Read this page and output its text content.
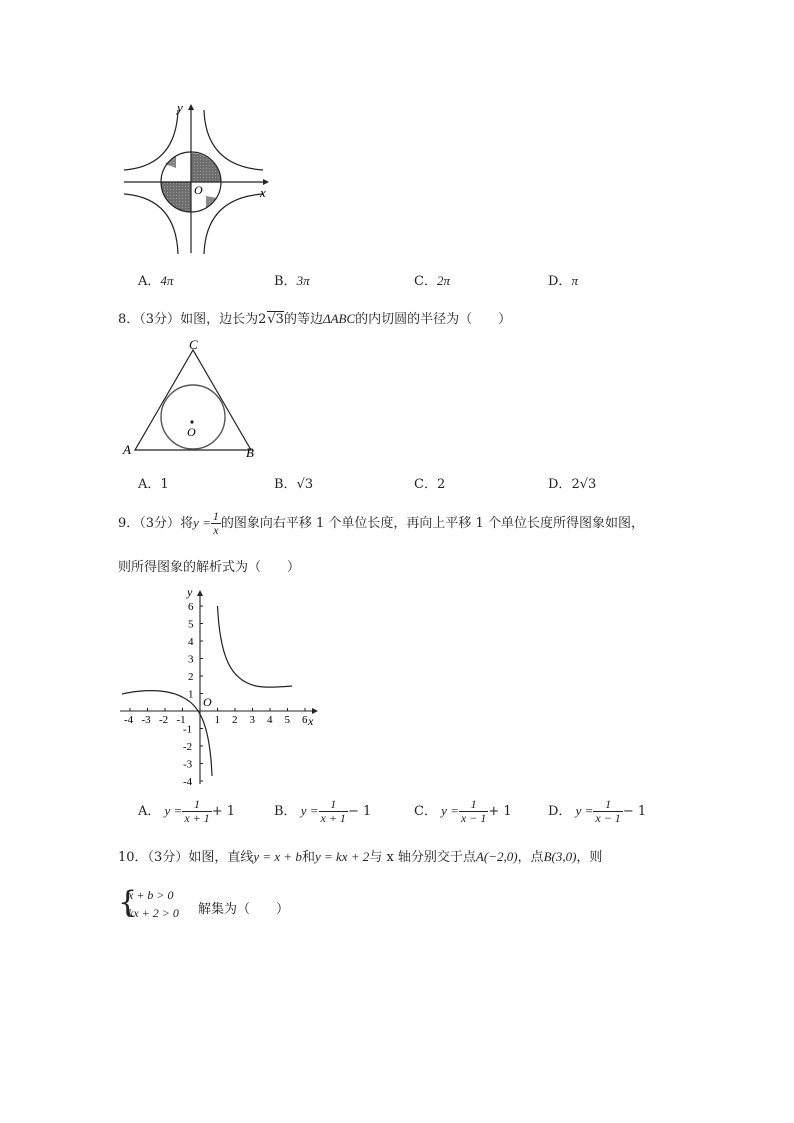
y
x
O
A．4π	B．3π	C．2π	D．π
8．（3分）如图，边长为2√3的等边ΔABC的内切圆的半径为（　　）
C
A	B
O
A．1	B．√3	C．2	D．2√3
9．（3分）将$y = \frac{1}{x}$ 的图象向右平移 1 个单位长度，再向上平移 1 个单位长度所得图象如图，
则所得图象的解析式为（　　）
-4 -3 -2 -1	1 2 3 4 5 6
6
5
4
3
2
1
-1
-2
-3
-4
y
x
O
A． $y = \frac{1}{x + 1} + 1$	B． $y = \frac{1}{x + 1} - 1$	C． $y = \frac{1}{x - 1} + 1$	D． $y = \frac{1}{x - 1} - 1$
10．（3分）如图，直线y = x + b和y = kx + 2与 x 轴分别交于点A(−2,0)，点B(3,0)，则
{
x + b > 0
kx + 2 > 0 解集为（　　）
